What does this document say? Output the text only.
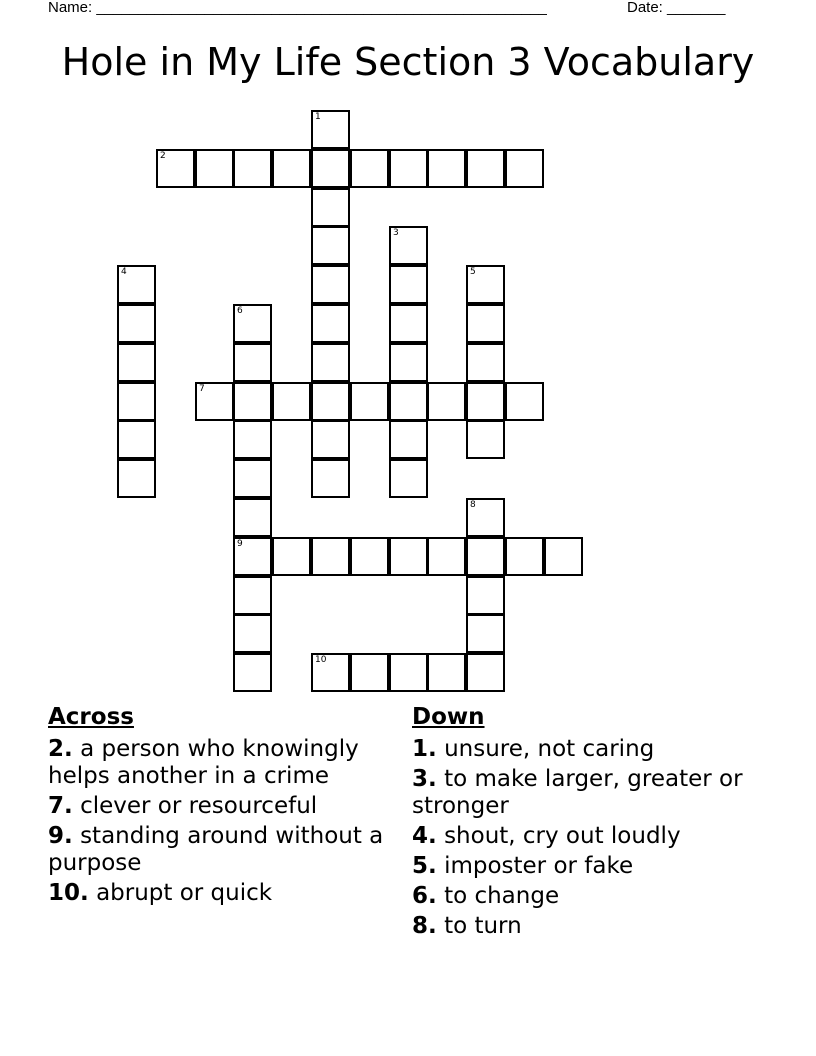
Name: ______________________________________________________

	Date: _______

Hole in My Life Section 3 Vocabulary
1
2
3
4	5
6
9
7
8
10
Across
2. a person who knowingly helps another in a crime
7. clever or resourceful
9. standing around without a purpose
10. abrupt or quick
Down
1. unsure, not caring
3. to make larger, greater or stronger
4. shout, cry out loudly
5. imposter or fake
6. to change
8. to turn
